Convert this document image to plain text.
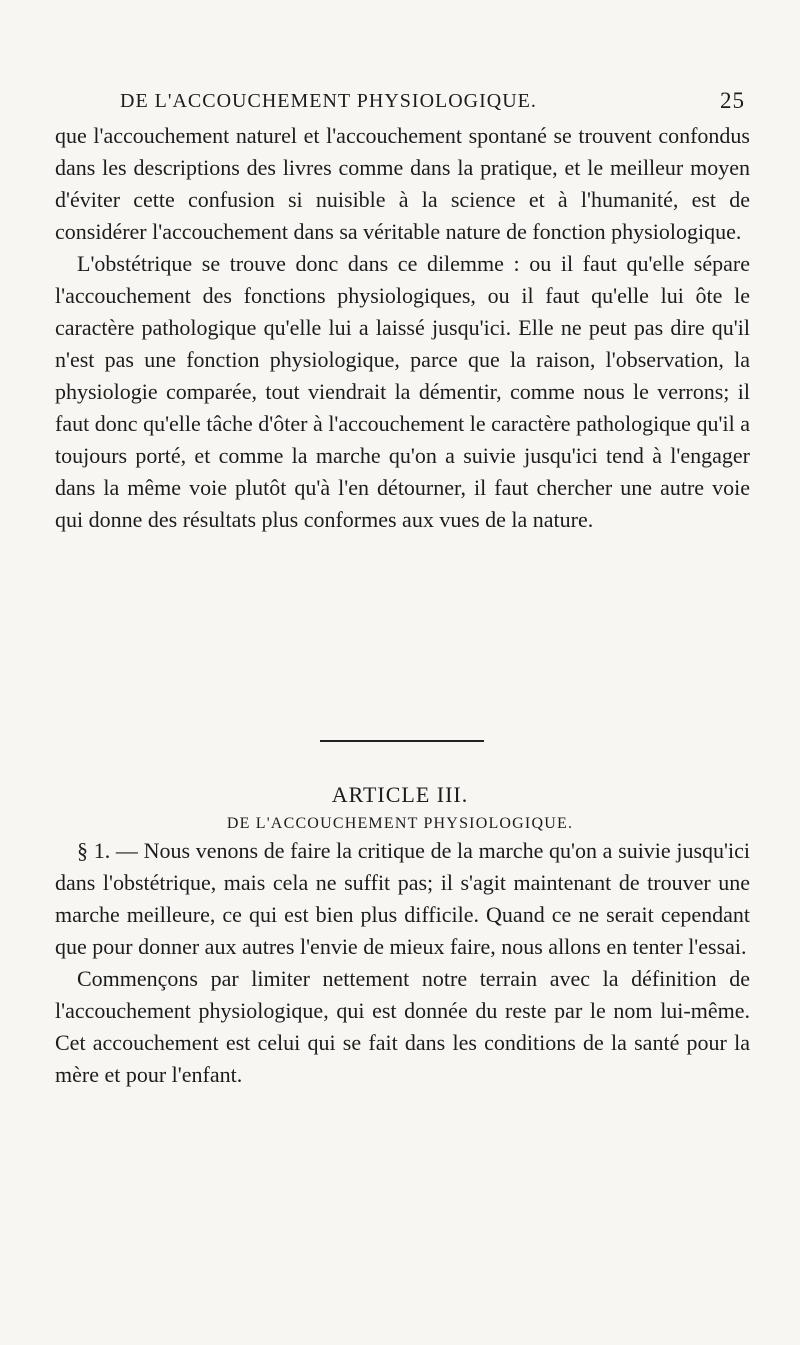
DE L'ACCOUCHEMENT PHYSIOLOGIQUE.	25

que l'accouchement naturel et l'accouchement spontané se trouvent confondus dans les descriptions des livres comme dans la pratique, et le meilleur moyen d'éviter cette confusion si nuisible à la science et à l'humanité, est de considérer l'accouchement dans sa véritable nature de fonction physiologique.

L'obstétrique se trouve donc dans ce dilemme : ou il faut qu'elle sépare l'accouchement des fonctions physiologiques, ou il faut qu'elle lui ôte le caractère pathologique qu'elle lui a laissé jusqu'ici. Elle ne peut pas dire qu'il n'est pas une fonction physiologique, parce que la raison, l'observation, la physiologie comparée, tout viendrait la démentir, comme nous le verrons; il faut donc qu'elle tâche d'ôter à l'accouchement le caractère pathologique qu'il a toujours porté, et comme la marche qu'on a suivie jusqu'ici tend à l'engager dans la même voie plutôt qu'à l'en détourner, il faut chercher une autre voie qui donne des résultats plus conformes aux vues de la nature.

ARTICLE III.
DE L'ACCOUCHEMENT PHYSIOLOGIQUE.

§ 1. — Nous venons de faire la critique de la marche qu'on a suivie jusqu'ici dans l'obstétrique, mais cela ne suffit pas; il s'agit maintenant de trouver une marche meilleure, ce qui est bien plus difficile. Quand ce ne serait cependant que pour donner aux autres l'envie de mieux faire, nous allons en tenter l'essai.

Commençons par limiter nettement notre terrain avec la définition de l'accouchement physiologique, qui est donnée du reste par le nom lui-même. Cet accouchement est celui qui se fait dans les conditions de la santé pour la mère et pour l'enfant.
